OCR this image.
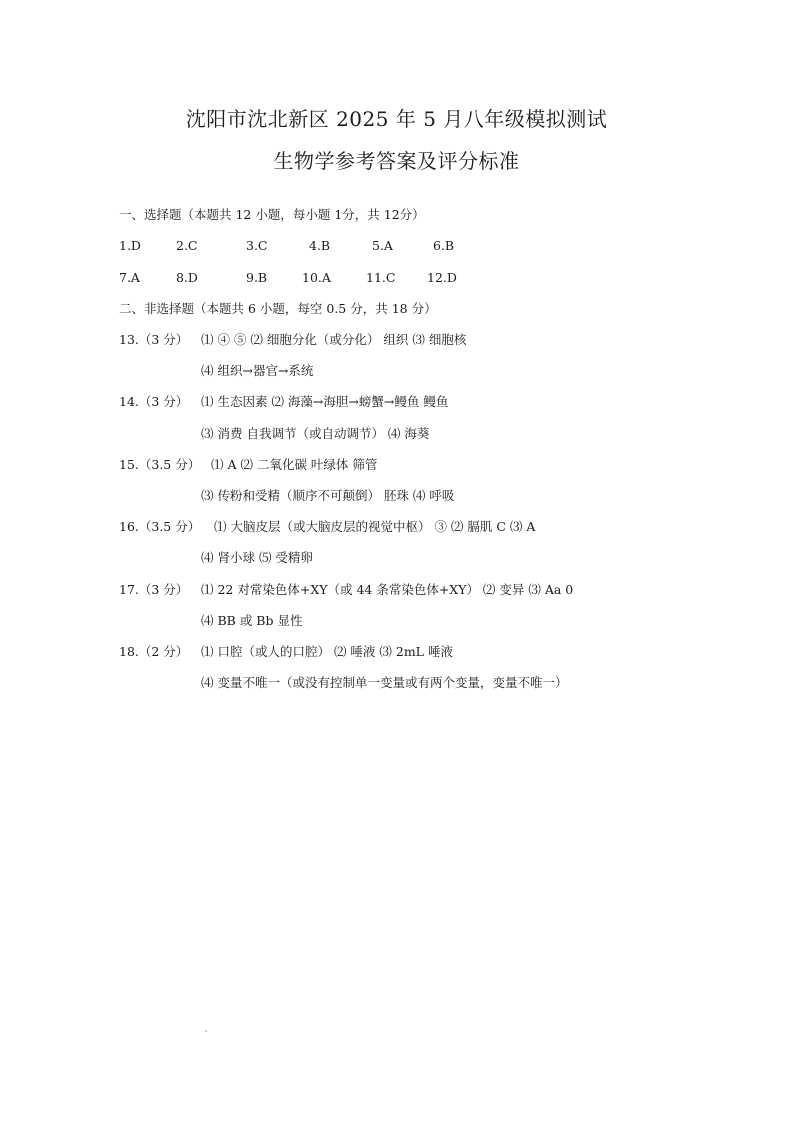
沈阳市沈北新区 2025 年 5 月八年级模拟测试
生物学参考答案及评分标准
一、选择题（本题共 12 小题，每小题 1分，共 12分）
1.D	2.C	3.C	4.B	5.A	6.B
7.A	8.D	9.B	10.A	11.C	12.D
二、非选择题（本题共 6 小题，每空 0.5 分，共 18 分）
13.（3 分） ⑴ ④ ⑤ ⑵ 细胞分化（或分化） 组织 ⑶ 细胞核
⑷ 组织→器官→系统
14.（3 分） ⑴ 生态因素 ⑵ 海藻→海胆→螃蟹→鳗鱼 鳗鱼
⑶ 消费 自我调节（或自动调节） ⑷ 海葵
15.（3.5 分） ⑴ A ⑵ 二氧化碳 叶绿体 筛管
⑶ 传粉和受精（顺序不可颠倒） 胚珠 ⑷ 呼吸
16.（3.5 分） ⑴ 大脑皮层（或大脑皮层的视觉中枢） ③ ⑵ 膈肌 C ⑶ A
⑷ 肾小球 ⑸ 受精卵
17.（3 分） ⑴ 22 对常染色体+XY（或 44 条常染色体+XY） ⑵ 变异 ⑶ Aa 0
⑷ BB 或 Bb 显性
18.（2 分） ⑴ 口腔（或人的口腔） ⑵ 唾液 ⑶ 2mL 唾液
⑷ 变量不唯一（或没有控制单一变量或有两个变量，变量不唯一）
